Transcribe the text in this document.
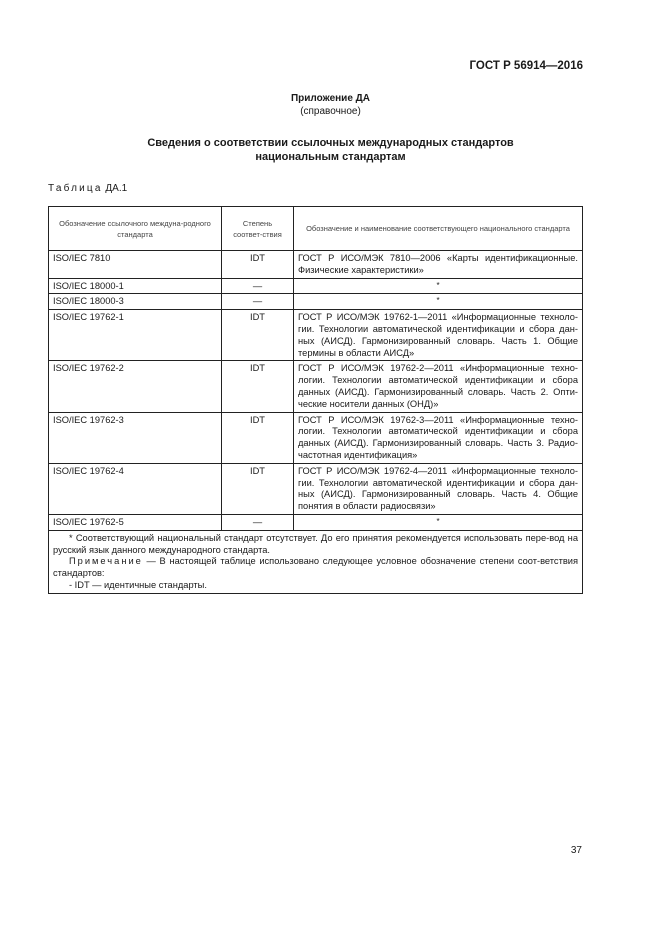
ГОСТ Р 56914—2016
Приложение ДА
(справочное)
Сведения о соответствии ссылочных международных стандартов
национальным стандартам
Таблица ДА.1
Обозначение ссылочного междуна-родного стандарта	Степень соответ-ствия	Обозначение и наименование соответствующего национального стандарта
ISO/IEC 7810	IDT	ГОСТ Р ИСО/МЭК 7810—2006 «Карты идентификационные. Физические характеристики»
ISO/IEC 18000-1	—	*
ISO/IEC 18000-3	—	*
ISO/IEC 19762-1	IDT	ГОСТ Р ИСО/МЭК 19762-1—2011 «Информационные техноло-гии. Технологии автоматической идентификации и сбора дан-ных (АИСД). Гармонизированный словарь. Часть 1. Общие термины в области АИСД»
ISO/IEC 19762-2	IDT	ГОСТ Р ИСО/МЭК 19762-2—2011 «Информационные техно-логии. Технологии автоматической идентификации и сбора данных (АИСД). Гармонизированный словарь. Часть 2. Опти-ческие носители данных (ОНД)»
ISO/IEC 19762-3	IDT	ГОСТ Р ИСО/МЭК 19762-3—2011 «Информационные техно-логии. Технологии автоматической идентификации и сбора данных (АИСД). Гармонизированный словарь. Часть 3. Радио-частотная идентификация»
ISO/IEC 19762-4	IDT	ГОСТ Р ИСО/МЭК 19762-4—2011 «Информационные техноло-гии. Технологии автоматической идентификации и сбора дан-ных (АИСД). Гармонизированный словарь. Часть 4. Общие понятия в области радиосвязи»
ISO/IEC 19762-5	—	*

* Соответствующий национальный стандарт отсутствует. До его принятия рекомендуется использовать пере-вод на русский язык данного международного стандарта.

Примечание — В настоящей таблице использовано следующее условное обозначение степени соот-ветствия стандартов:

- IDT — идентичные стандарты.		

37
